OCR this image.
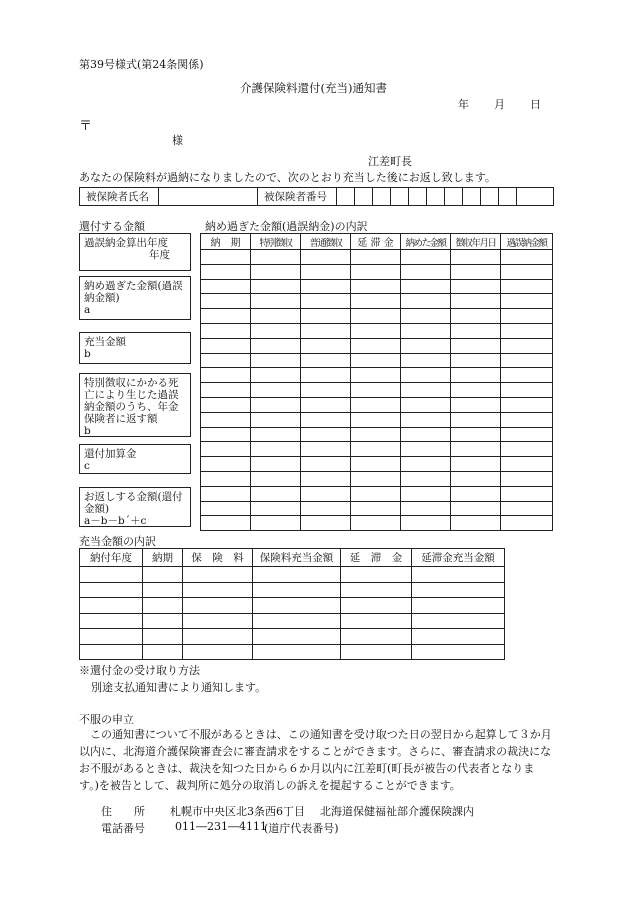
第39号様式(第24条関係)
介護保険料還付(充当)通知書
年 月 日
〒
様
江差町長
あなたの保険料が過納になりましたので、次のとおり充当した後にお返し致します。
被保険者氏名		被保険者番号											
還付する金額
過誤納金算出年度
年度
納め過ぎた金額(過誤納金額)
a
充当金額
b
特別徴収にかかる死亡により生じた過誤納金額のうち、年金保険者に返す額
b
還付加算金
c
お返しする金額(還付金額)
a－b－b´＋c
納め過ぎた金額(過誤納金)の内訳
納　期	特別徴収	普通徴収	延 滞 金	納めた金額	徴収年月日	過誤納金額

充当金額の内訳
納付年度	納期	保　険　料	保険料充当金額	延　滞　金	延滞金充当金額

※還付金の受け取り方法
別途支払通知書により通知します。
不服の申立
この通知書について不服があるときは、この通知書を受け取つた日の翌日から起算して３か月以内に、北海道介護保険審査会に審査請求をすることができます。さらに、審査請求の裁決になお不服があるときは、裁決を知つた日から６か月以内に江差町(町長が被告の代表者となります。)を被告として、裁判所に処分の取消しの訴えを提起することができます。
住　　所 札幌市中央区北3条西6丁目 北海道保健福祉部介護保険課内
電話番号	011―231―4111
(道庁代表番号)
